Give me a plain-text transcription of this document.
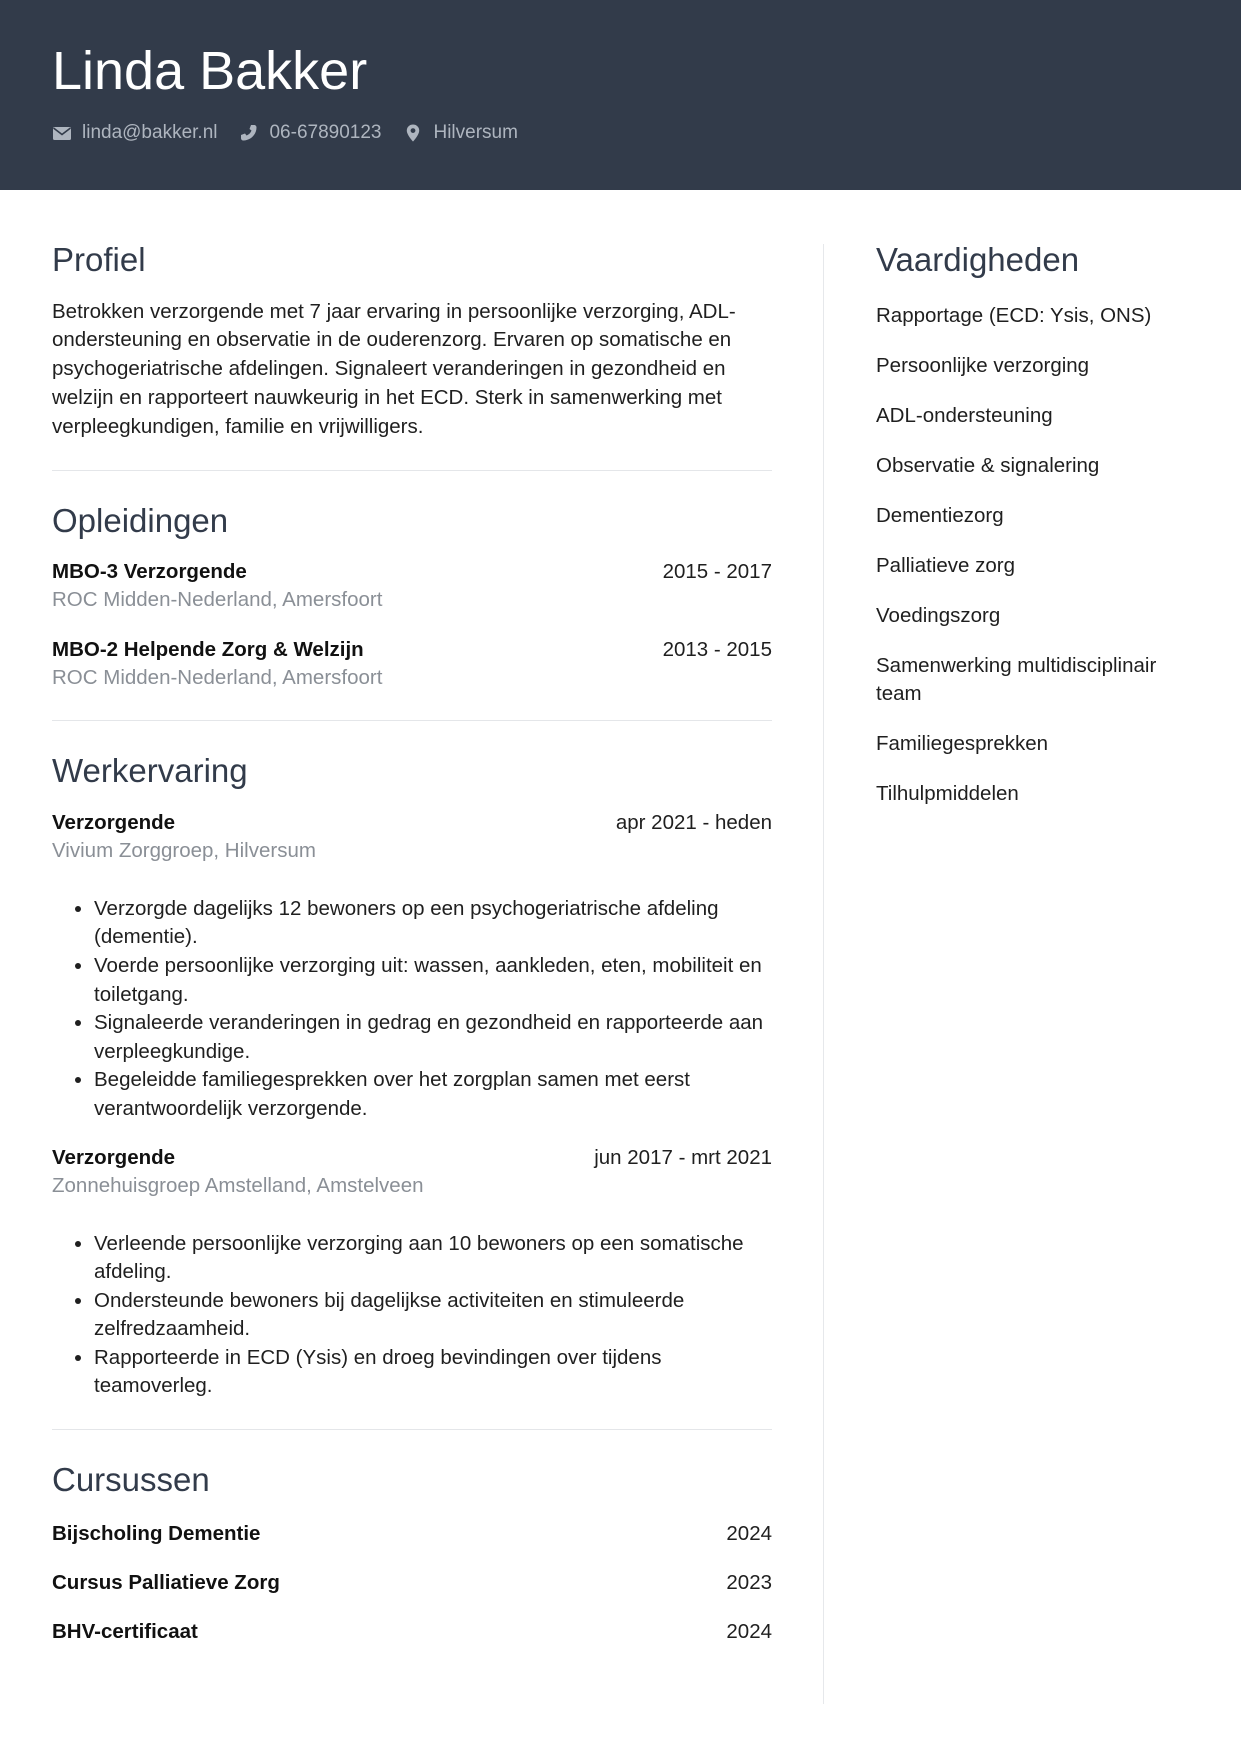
Linda Bakker
linda@bakker.nl	06-67890123	Hilversum
Profiel

Betrokken verzorgende met 7 jaar ervaring in persoonlijke verzorging, ADL-ondersteuning en observatie in de ouderenzorg. Ervaren op somatische en psychogeriatrische afdelingen. Signaleert veranderingen in gezondheid en welzijn en rapporteert nauwkeurig in het ECD. Sterk in samenwerking met verpleegkundigen, familie en vrijwilligers.

Opleidingen
MBO-3 Verzorgende	2015 - 2017
ROC Midden-Nederland, Amersfoort
MBO-2 Helpende Zorg & Welzijn	2013 - 2015
ROC Midden-Nederland, Amersfoort
Werkervaring
Verzorgende	apr 2021 - heden
Vivium Zorggroep, Hilversum
• Verzorgde dagelijks 12 bewoners op een psychogeriatrische afdeling (dementie).
• Voerde persoonlijke verzorging uit: wassen, aankleden, eten, mobiliteit en toiletgang.
• Signaleerde veranderingen in gedrag en gezondheid en rapporteerde aan verpleegkundige.
• Begeleidde familiegesprekken over het zorgplan samen met eerst verantwoordelijk verzorgende.
Verzorgende	jun 2017 - mrt 2021
Zonnehuisgroep Amstelland, Amstelveen
• Verleende persoonlijke verzorging aan 10 bewoners op een somatische afdeling.
• Ondersteunde bewoners bij dagelijkse activiteiten en stimuleerde zelfredzaamheid.
• Rapporteerde in ECD (Ysis) en droeg bevindingen over tijdens teamoverleg.
Cursussen
Bijscholing Dementie	2024
Cursus Palliatieve Zorg	2023
BHV-certificaat	2024
Vaardigheden
Rapportage (ECD: Ysis, ONS)
Persoonlijke verzorging
ADL-ondersteuning
Observatie & signalering
Dementiezorg
Palliatieve zorg
Voedingszorg
Samenwerking multidisciplinair team
Familiegesprekken
Tilhulpmiddelen
